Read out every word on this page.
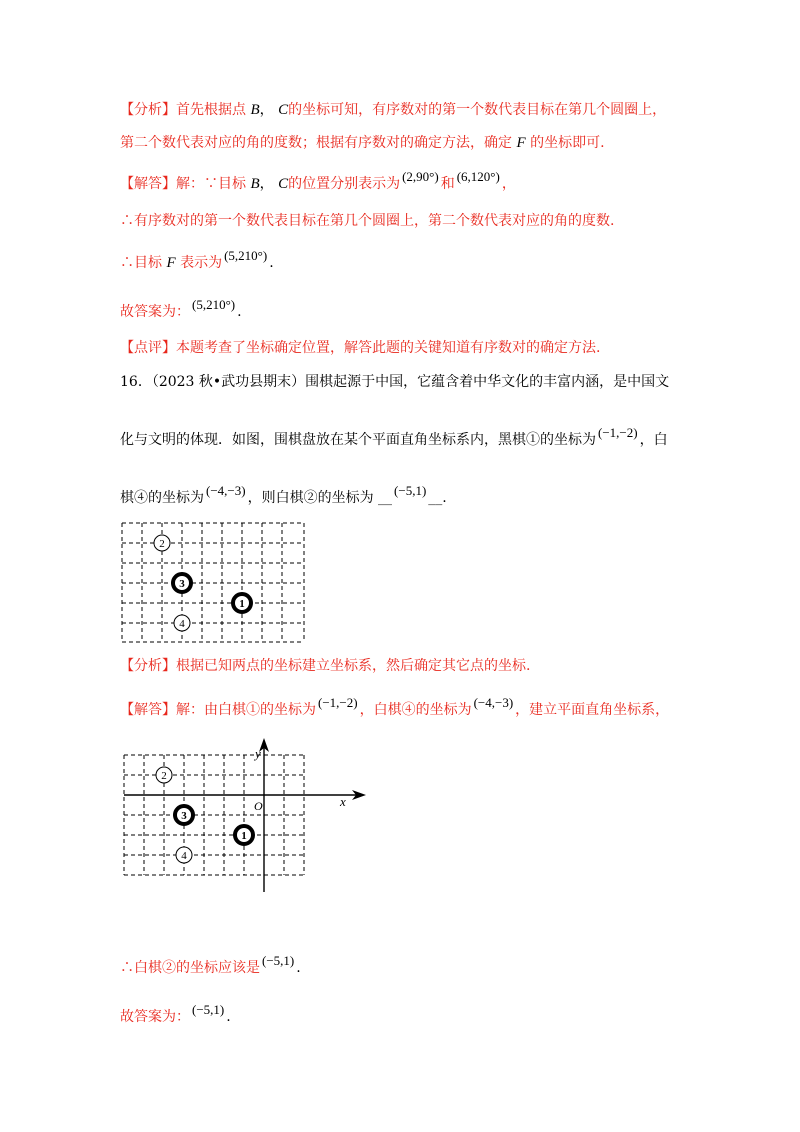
【分析】首先根据点 B， C的坐标可知，有序数对的第一个数代表目标在第几个圆圈上，
第二个数代表对应的角的度数；根据有序数对的确定方法，确定 F 的坐标即可.
【解答】解：∵目标 B， C的位置分别表示为 (2,90°) 和 (6,120°) ，
∴有序数对的第一个数代表目标在第几个圆圈上，第二个数代表对应的角的度数.
∴目标 F 表示为 (5,210°) .
故答案为： (5,210°) .
【点评】本题考查了坐标确定位置，解答此题的关键知道有序数对的确定方法.
16．（2023 秋•武功县期末）围棋起源于中国，它蕴含着中华文化的丰富内涵，是中国文
化与文明的体现．如图，围棋盘放在某个平面直角坐标系内，黑棋①的坐标为 (−1,−2) ，白
棋④的坐标为 (−4,−3) ，则白棋②的坐标为 __ (−5,1) __.
2
3
1
4
【分析】根据已知两点的坐标建立坐标系，然后确定其它点的坐标.
【解答】解：由白棋①的坐标为 (−1,−2) ，白棋④的坐标为 (−4,−3) ，建立平面直角坐标系，
x
y
O
2
3
1
4
∴白棋②的坐标应该是 (−5,1) .
故答案为： (−5,1) .
